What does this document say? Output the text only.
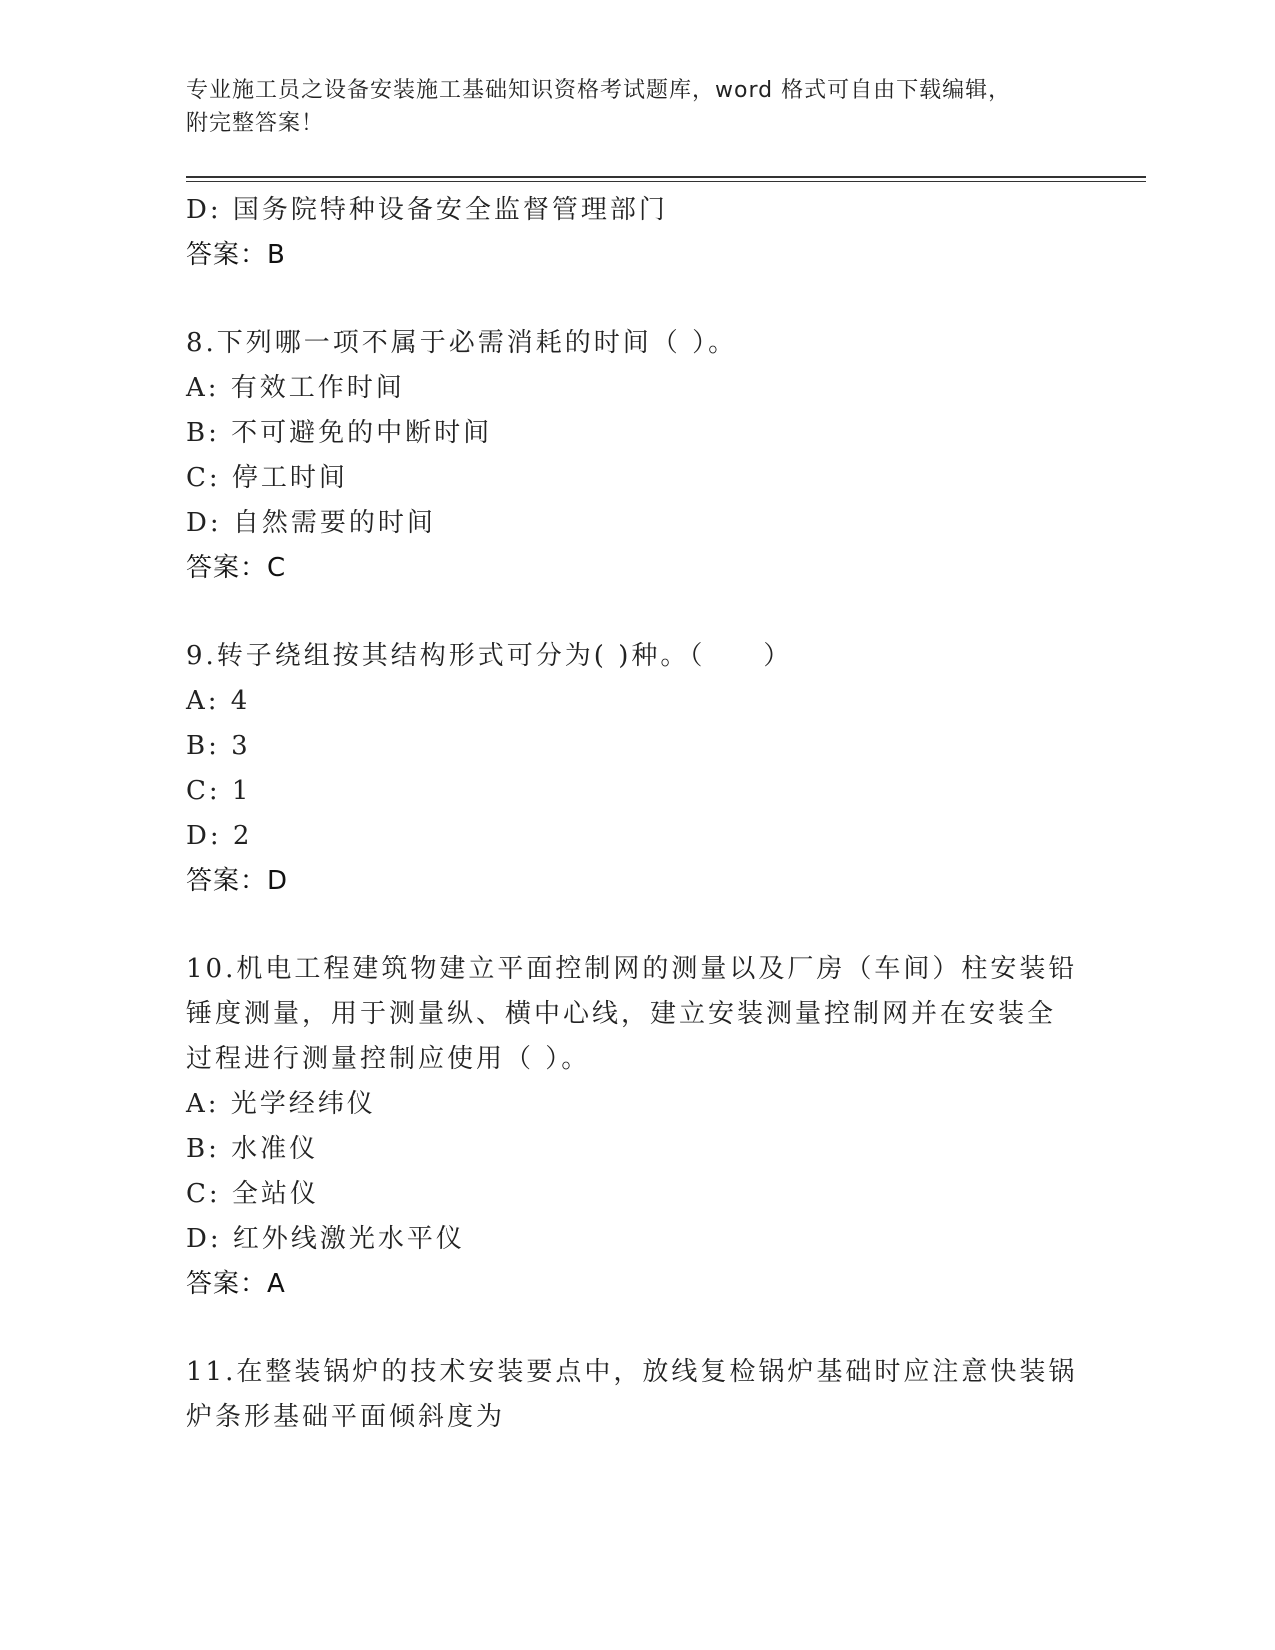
专业施工员之设备安装施工基础知识资格考试题库，word 格式可自由下载编辑，
附完整答案！
D: 国务院特种设备安全监督管理部门
答案：B
8.下列哪一项不属于必需消耗的时间（ ）。
A: 有效工作时间
B: 不可避免的中断时间
C: 停工时间
D: 自然需要的时间
答案：C
9.转子绕组按其结构形式可分为( )种。（　　）
A: 4
B: 3
C: 1
D: 2
答案：D
10.机电工程建筑物建立平面控制网的测量以及厂房（车间）柱安装铅
锤度测量，用于测量纵、横中心线，建立安装测量控制网并在安装全
过程进行测量控制应使用（ ）。
A: 光学经纬仪
B: 水准仪
C: 全站仪
D: 红外线激光水平仪
答案：A
11.在整装锅炉的技术安装要点中，放线复检锅炉基础时应注意快装锅
炉条形基础平面倾斜度为
